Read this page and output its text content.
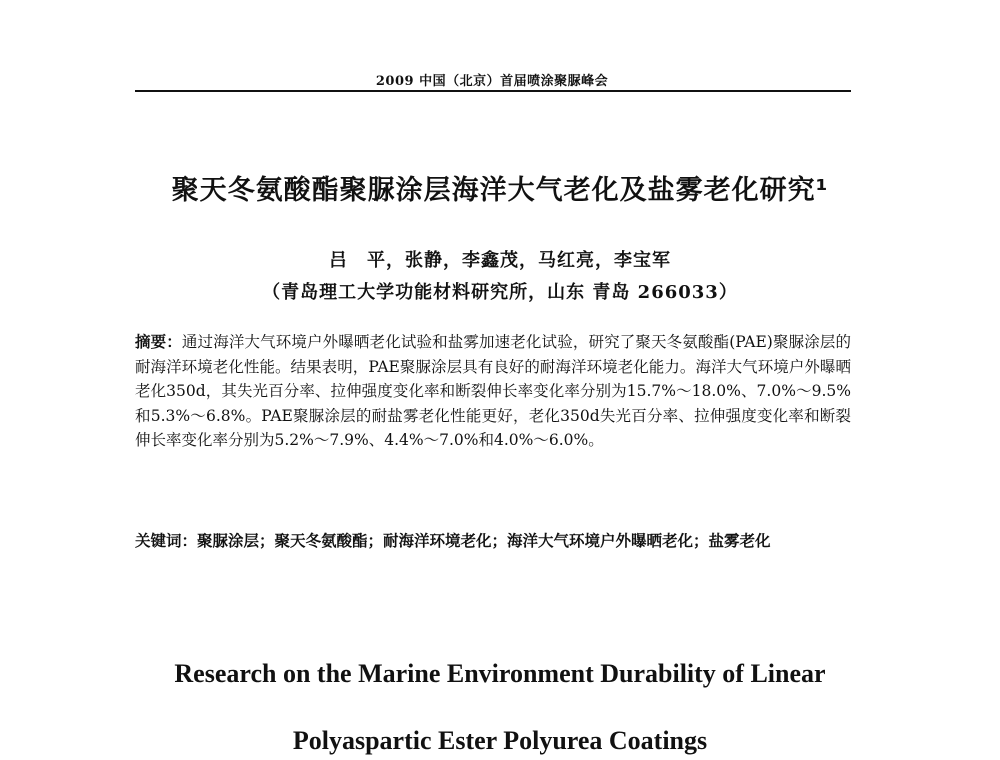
2009 中国（北京）首届喷涂聚脲峰会
聚天冬氨酸酯聚脲涂层海洋大气老化及盐雾老化研究¹
吕　平，张静，李鑫茂，马红亮，李宝军
（青岛理工大学功能材料研究所，山东 青岛 266033）
摘要：通过海洋大气环境户外曝晒老化试验和盐雾加速老化试验，研究了聚天冬氨酸酯(PAE)聚脲涂层的耐海洋环境老化性能。结果表明，PAE聚脲涂层具有良好的耐海洋环境老化能力。海洋大气环境户外曝晒老化350d，其失光百分率、拉伸强度变化率和断裂伸长率变化率分别为15.7%～18.0%、7.0%～9.5%和5.3%～6.8%。PAE聚脲涂层的耐盐雾老化性能更好，老化350d失光百分率、拉伸强度变化率和断裂伸长率变化率分别为5.2%～7.9%、4.4%～7.0%和4.0%～6.0%。
关键词：聚脲涂层；聚天冬氨酸酯；耐海洋环境老化；海洋大气环境户外曝晒老化；盐雾老化
Research on the Marine Environment Durability of Linear
Polyaspartic Ester Polyurea Coatings
